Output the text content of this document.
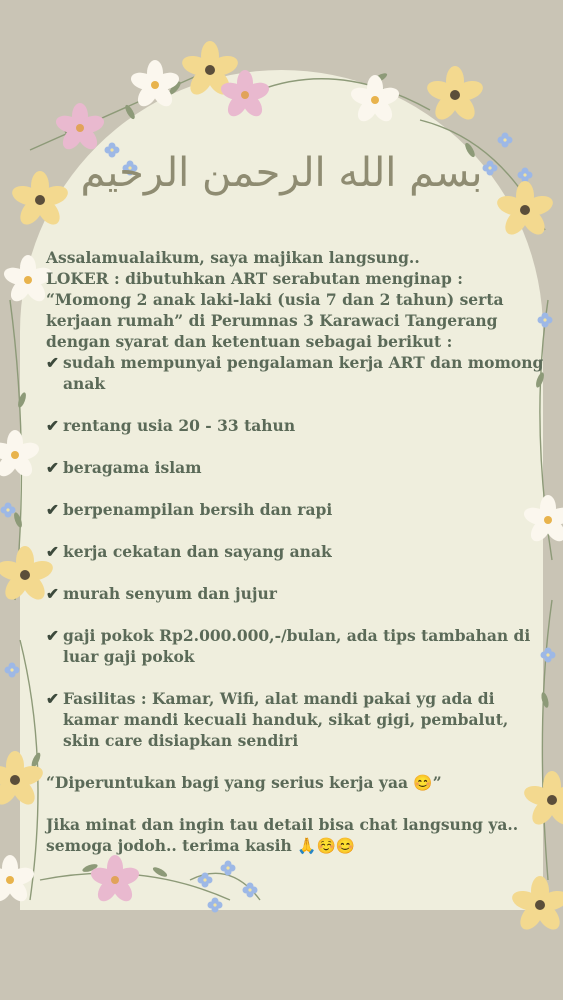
بسم الله الرحمن الرحيم

Assalamualaikum, saya majikan langsung..

LOKER : dibutuhkan ART serabutan menginap :

“Momong 2 anak laki-laki (usia 7 dan 2 tahun) serta kerjaan rumah” di Perumnas 3 Karawaci Tangerang dengan syarat dan ketentuan sebagai berikut :

✔ sudah mempunyai pengalaman kerja ART dan momong anak
✔ rentang usia 20 - 33 tahun
✔ beragama islam
✔ berpenampilan bersih dan rapi
✔ kerja cekatan dan sayang anak
✔ murah senyum dan jujur
✔ gaji pokok Rp2.000.000,-/bulan, ada tips tambahan di luar gaji pokok
✔ Fasilitas : Kamar, Wifi, alat mandi pakai yg ada di kamar mandi kecuali handuk, sikat gigi, pembalut, skin care disiapkan sendiri

“Diperuntukan bagi yang serius kerja yaa 😊”

Jika minat dan ingin tau detail bisa chat langsung ya.. semoga jodoh.. terima kasih 🙏☺️😊
